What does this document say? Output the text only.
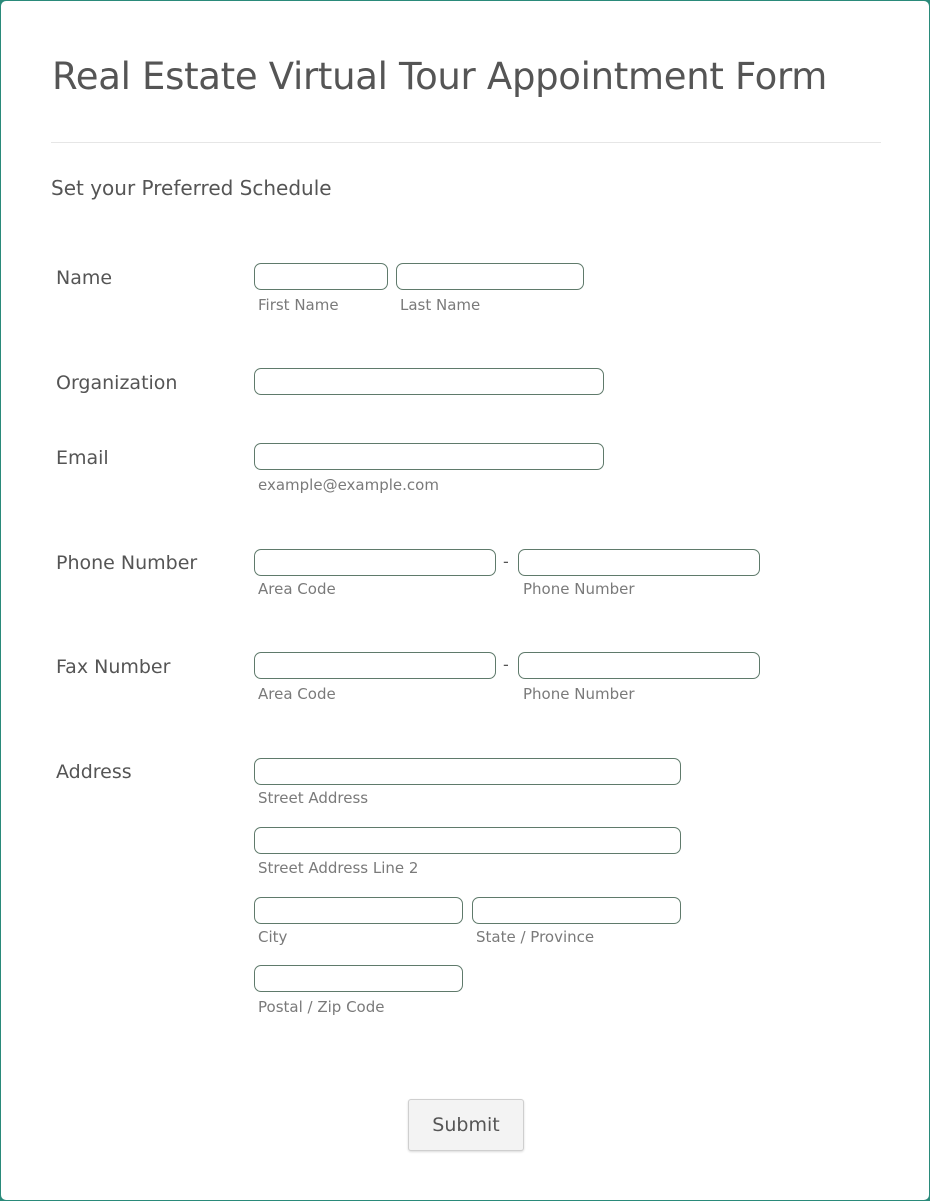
Real Estate Virtual Tour Appointment Form
Set your Preferred Schedule
Name
First Name	Last Name
Organization
Email
example@example.com
Phone Number	-
Area Code	Phone Number
Fax Number	-
Area Code	Phone Number
Address
Street Address
Street Address Line 2
City	State / Province
Postal / Zip Code
Submit
